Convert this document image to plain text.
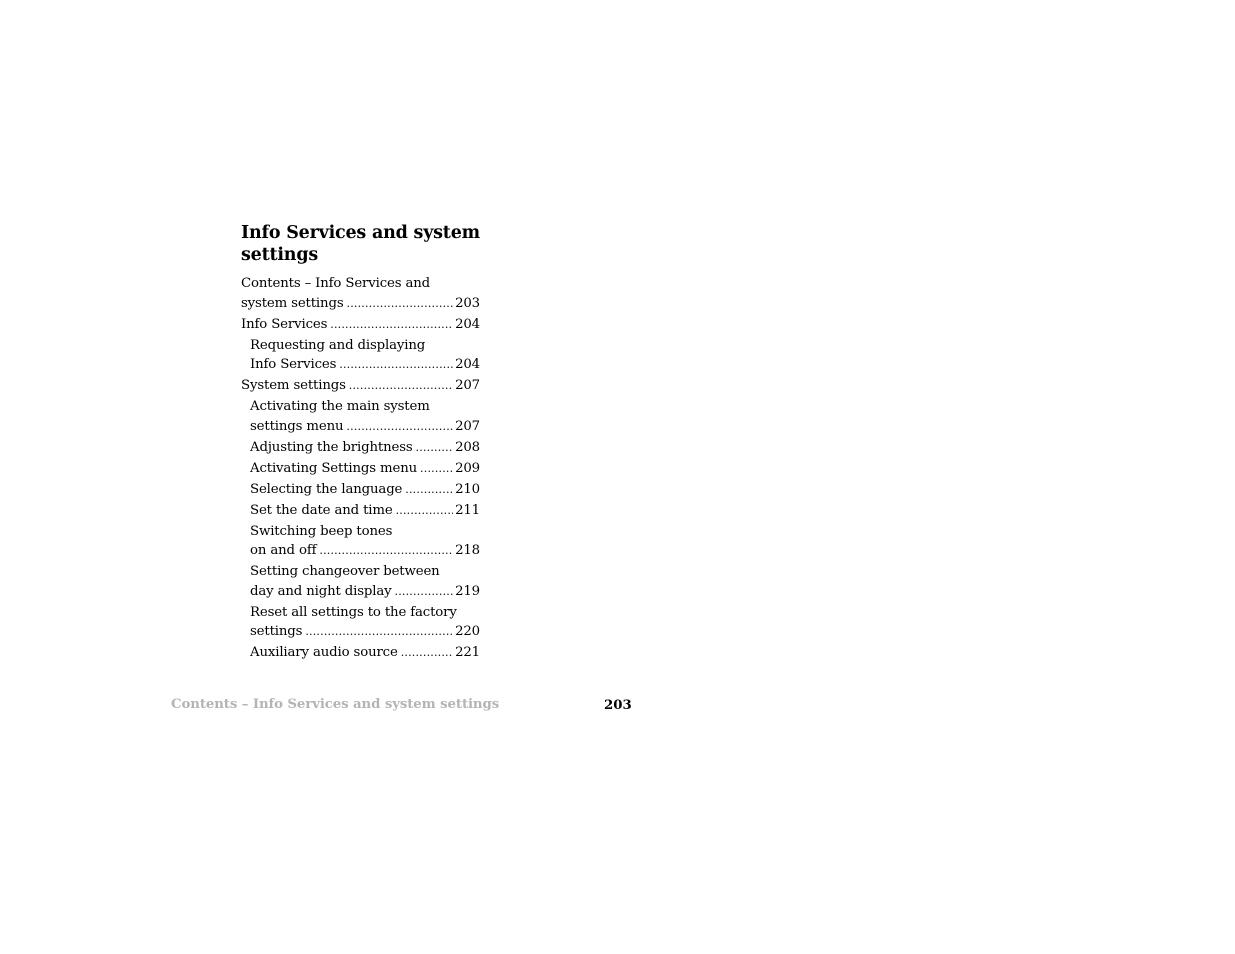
Info Services and system settings
Contents – Info Services and
system settings .....	203
Info Services .....	204
Requesting and displaying
Info Services .....	204
System settings .....	207
Activating the main system
settings menu .....	207
Adjusting the brightness .....	208
Activating Settings menu .....	209
Selecting the language .....	210
Set the date and time .....	211
Switching beep tones
on and off .....	218
Setting changeover between
day and night display .....	219
Reset all settings to the factory
settings .....	220
Auxiliary audio source .....	221
Contents – Info Services and system settings	203
